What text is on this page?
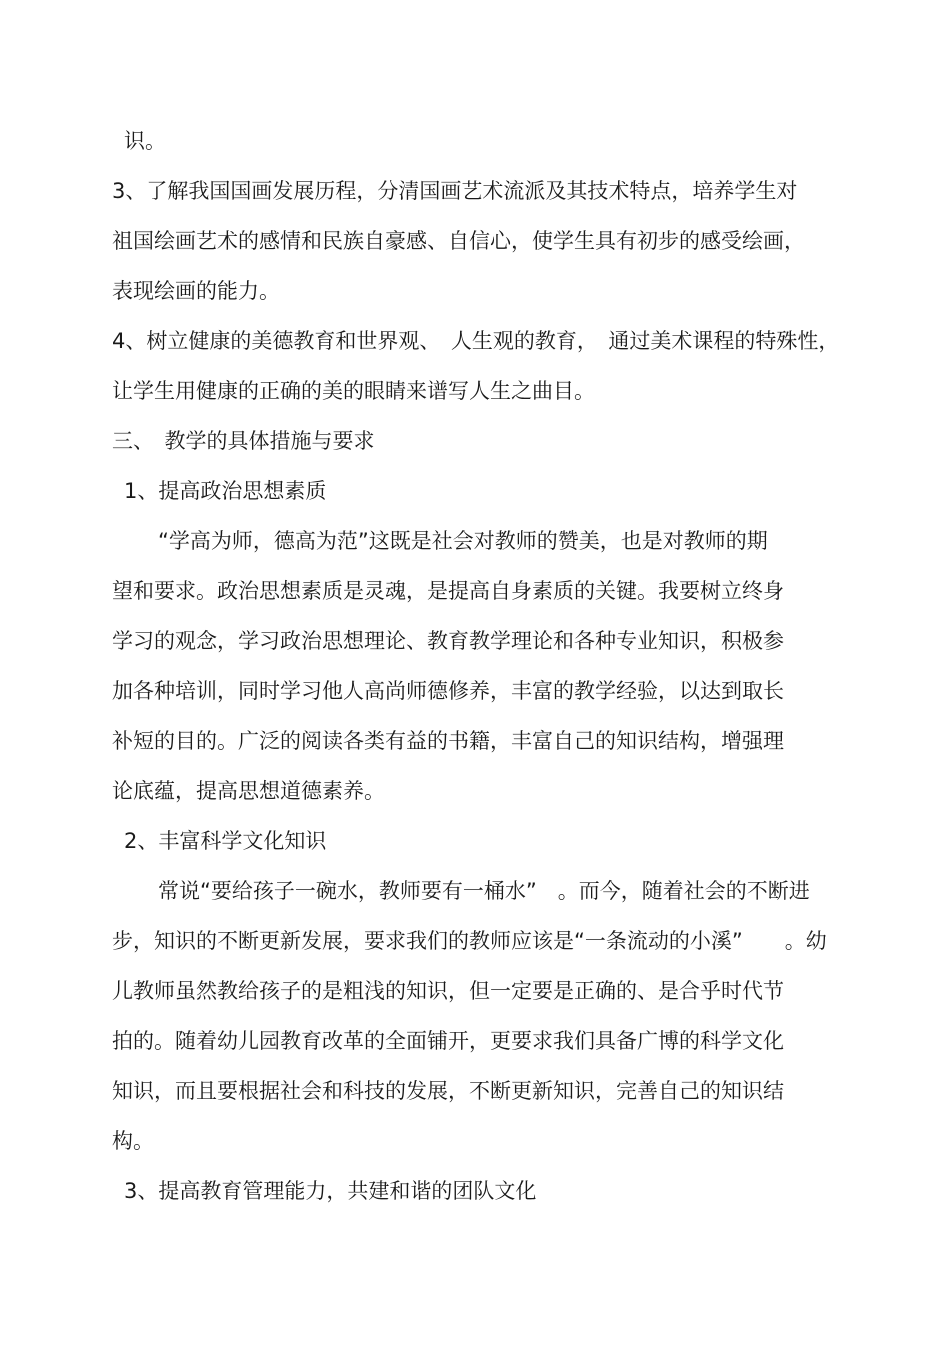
识。
3、了解我国国画发展历程，分清国画艺术流派及其技术特点，培养学生对
祖国绘画艺术的感情和民族自豪感、自信心，使学生具有初步的感受绘画，
表现绘画的能力。
4、树立健康的美德教育和世界观、　人生观的教育，　通过美术课程的特殊性，
让学生用健康的正确的美的眼睛来谱写人生之曲目。
三、　教学的具体措施与要求
1、提高政治思想素质
“学高为师，德高为范”这既是社会对教师的赞美，也是对教师的期
望和要求。政治思想素质是灵魂，是提高自身素质的关键。我要树立终身
学习的观念，学习政治思想理论、教育教学理论和各种专业知识，积极参
加各种培训，同时学习他人高尚师德修养，丰富的教学经验，以达到取长
补短的目的。广泛的阅读各类有益的书籍，丰富自己的知识结构，增强理
论底蕴，提高思想道德素养。
2、丰富科学文化知识
常说“要给孩子一碗水，教师要有一桶水”　。而今，随着社会的不断进
步，知识的不断更新发展，要求我们的教师应该是“一条流动的小溪”　　。幼
儿教师虽然教给孩子的是粗浅的知识，但一定要是正确的、是合乎时代节
拍的。随着幼儿园教育改革的全面铺开，更要求我们具备广博的科学文化
知识，而且要根据社会和科技的发展，不断更新知识，完善自己的知识结
构。
3、提高教育管理能力，共建和谐的团队文化
